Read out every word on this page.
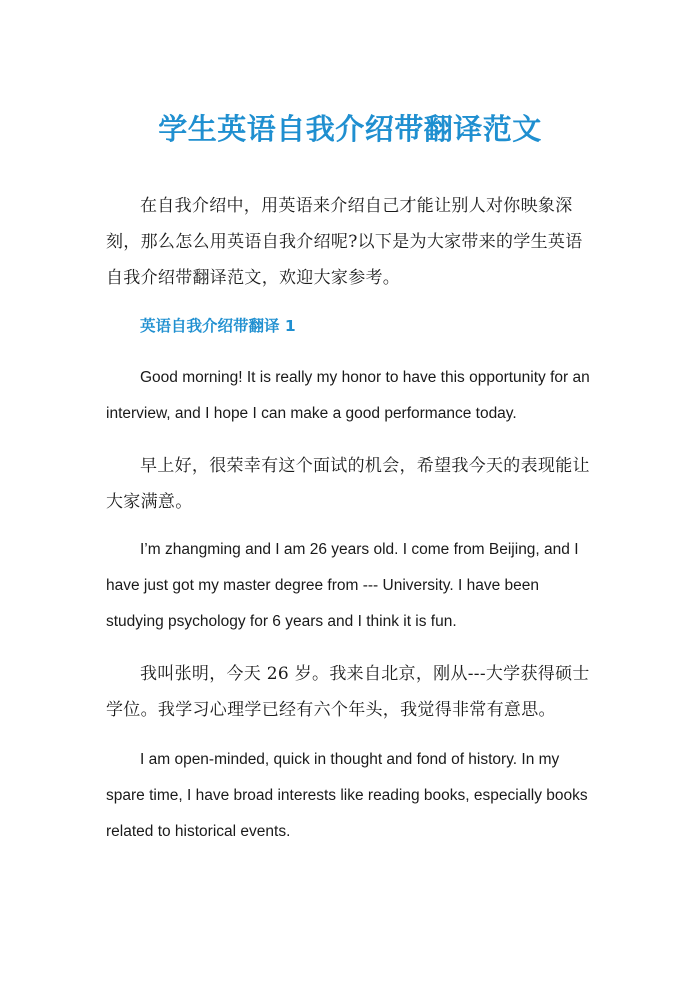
学生英语自我介绍带翻译范文

在自我介绍中，用英语来介绍自己才能让别人对你映象深刻，那么怎么用英语自我介绍呢?以下是为大家带来的学生英语自我介绍带翻译范文，欢迎大家参考。

英语自我介绍带翻译 1

Good morning! It is really my honor to have this opportunity for an interview, and I hope I can make a good performance today.

早上好，很荣幸有这个面试的机会，希望我今天的表现能让大家满意。

I’m zhangming and I am 26 years old. I come from Beijing, and I have just got my master degree from --- University. I have been studying psychology for 6 years and I think it is fun.

我叫张明，今天 26 岁。我来自北京，刚从---大学获得硕士学位。我学习心理学已经有六个年头，我觉得非常有意思。

I am open-minded, quick in thought and fond of history. In my spare time, I have broad interests like reading books, especially books related to historical events.
